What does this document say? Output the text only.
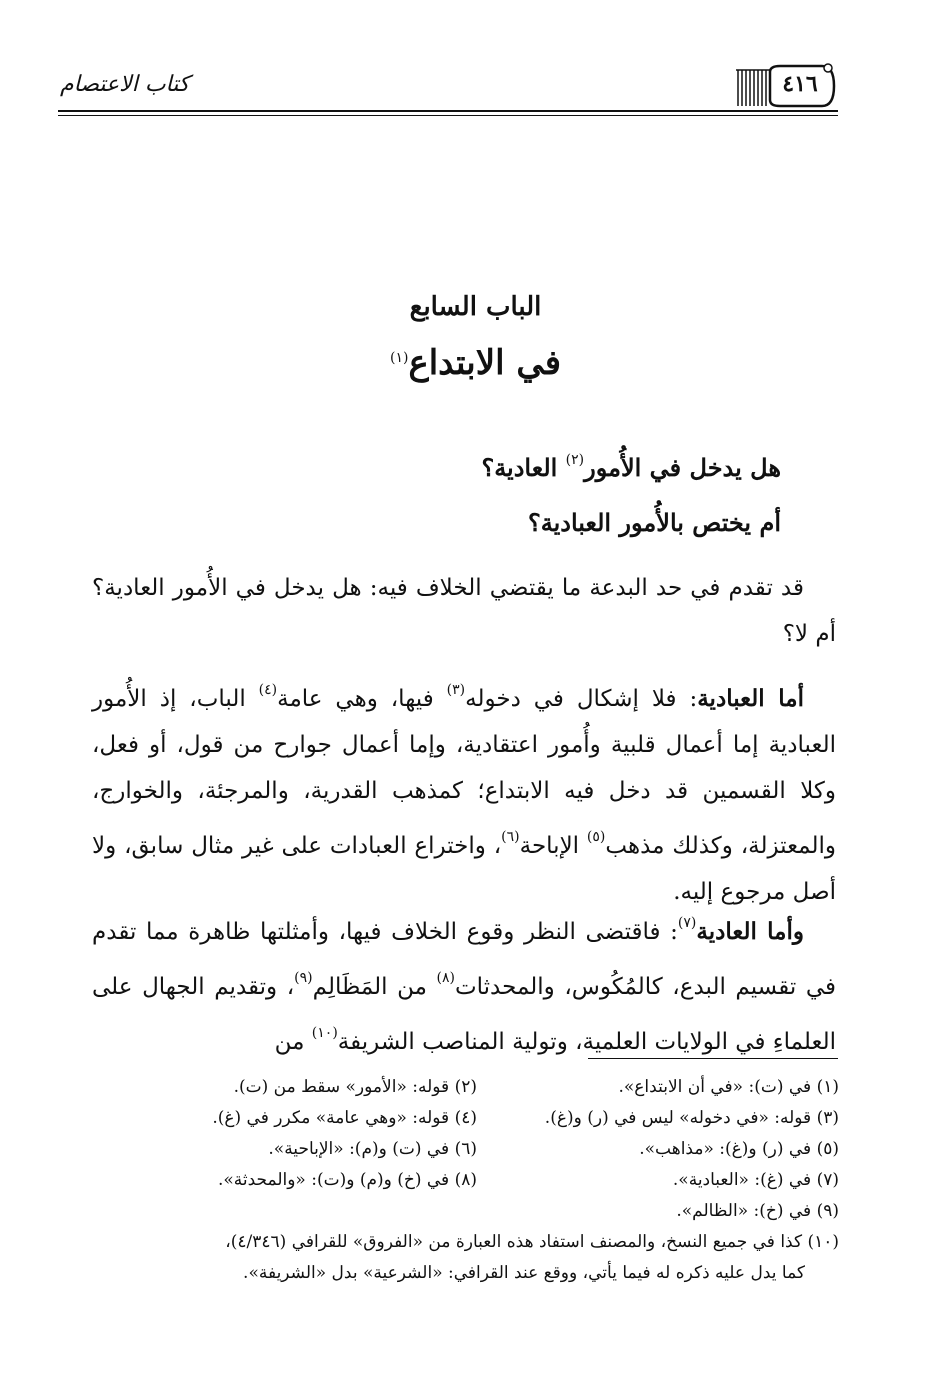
كتاب الاعتصام	٤١٦
الباب السابع
في الابتداع$^{(١)}$
هل يدخل في الأُمور$^{(٢)}$ العادية؟
أم يختص بالأُمور العبادية؟

قد تقدم في حد البدعة ما يقتضي الخلاف فيه: هل يدخل في الأُمور العادية؟ أم لا؟

أما العبادية: فلا إشكال في دخوله$^{(٣)}$ فيها، وهي عامة$^{(٤)}$ الباب، إذ الأُمور العبادية إما أعمال قلبية وأُمور اعتقادية، وإما أعمال جوارح من قول، أو فعل، وكلا القسمين قد دخل فيه الابتداع؛ كمذهب القدرية، والمرجئة، والخوارج، والمعتزلة، وكذلك مذهب$^{(٥)}$ الإباحة$^{(٦)}$، واختراع العبادات على غير مثال سابق، ولا أصل مرجوع إليه.

وأما العادية$^{(٧)}$: فاقتضى النظر وقوع الخلاف فيها، وأمثلتها ظاهرة مما تقدم في تقسيم البدع، كالمُكُوس، والمحدثات$^{(٨)}$ من المَظَالِم$^{(٩)}$، وتقديم الجهال على العلماءِ في الولايات العلمية، وتولية المناصب الشريفة$^{(١٠)}$ من

(١) في (ت): «في أن الابتداع».
(٢) قوله: «الأمور» سقط من (ت).
(٣) قوله: «في دخوله» ليس في (ر) و(غ).
(٤) قوله: «وهي عامة» مكرر في (غ).
(٥) في (ر) و(غ): «مذاهب».
(٦) في (ت) و(م): «الإباحية».
(٧) في (غ): «العبادية».
(٨) في (خ) و(م) و(ت): «والمحدثة».
(٩) في (خ): «الظالم».
(١٠) كذا في جميع النسخ، والمصنف استفاد هذه العبارة من «الفروق» للقرافي (٤/٣٤٦)،
كما يدل عليه ذكره له فيما يأتي، ووقع عند القرافي: «الشرعية» بدل «الشريفة».
